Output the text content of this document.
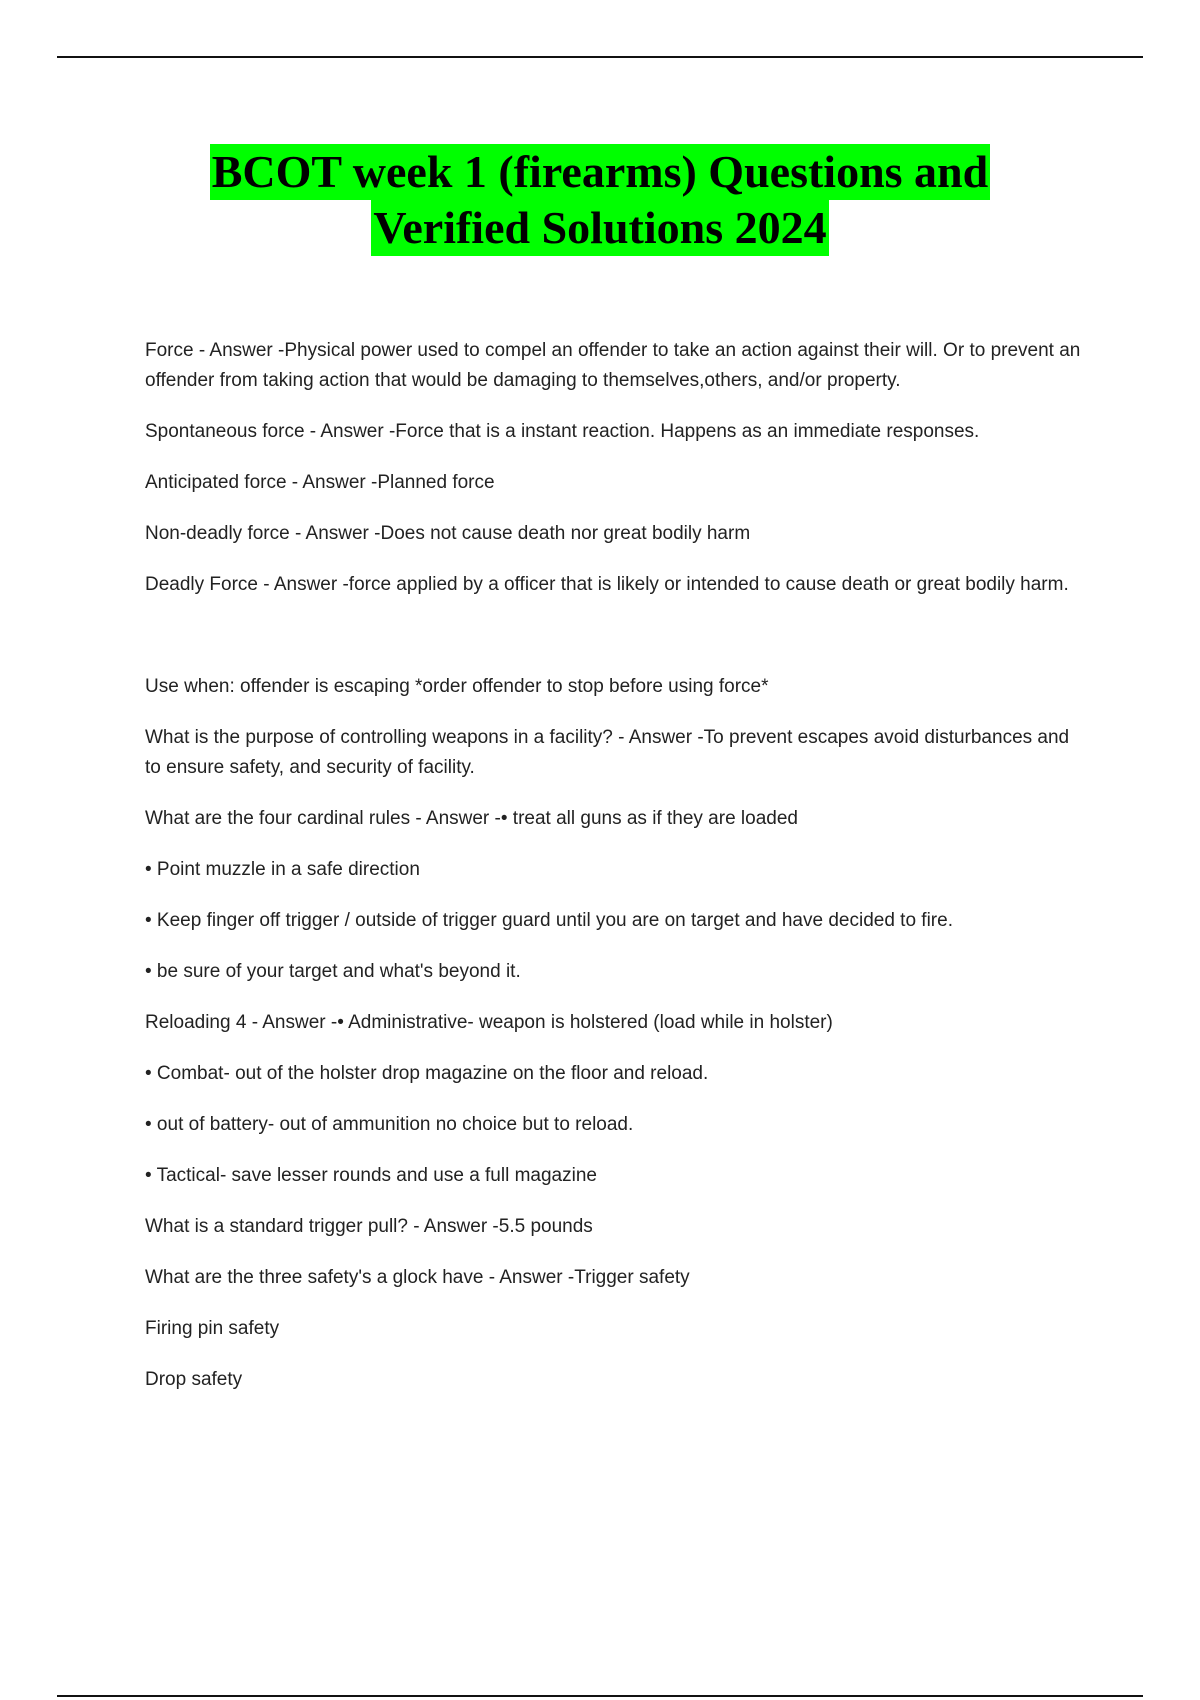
BCOT week 1 (firearms) Questions and
Verified Solutions 2024

Force - Answer -Physical power used to compel an offender to take an action against their will. Or to prevent an offender from taking action that would be damaging to themselves,others, and/or property.

Spontaneous force - Answer -Force that is a instant reaction. Happens as an immediate responses.

Anticipated force - Answer -Planned force

Non-deadly force - Answer -Does not cause death nor great bodily harm

Deadly Force - Answer -force applied by a officer that is likely or intended to cause death or great bodily harm.

Use when: offender is escaping *order offender to stop before using force*

What is the purpose of controlling weapons in a facility? - Answer -To prevent escapes avoid disturbances and to ensure safety, and security of facility.

What are the four cardinal rules - Answer -• treat all guns as if they are loaded

• Point muzzle in a safe direction

• Keep finger off trigger / outside of trigger guard until you are on target and have decided to fire.

• be sure of your target and what's beyond it.

Reloading 4 - Answer -• Administrative- weapon is holstered (load while in holster)

• Combat- out of the holster drop magazine on the floor and reload.

• out of battery- out of ammunition no choice but to reload.

• Tactical- save lesser rounds and use a full magazine

What is a standard trigger pull? - Answer -5.5 pounds

What are the three safety's a glock have - Answer -Trigger safety

Firing pin safety

Drop safety
